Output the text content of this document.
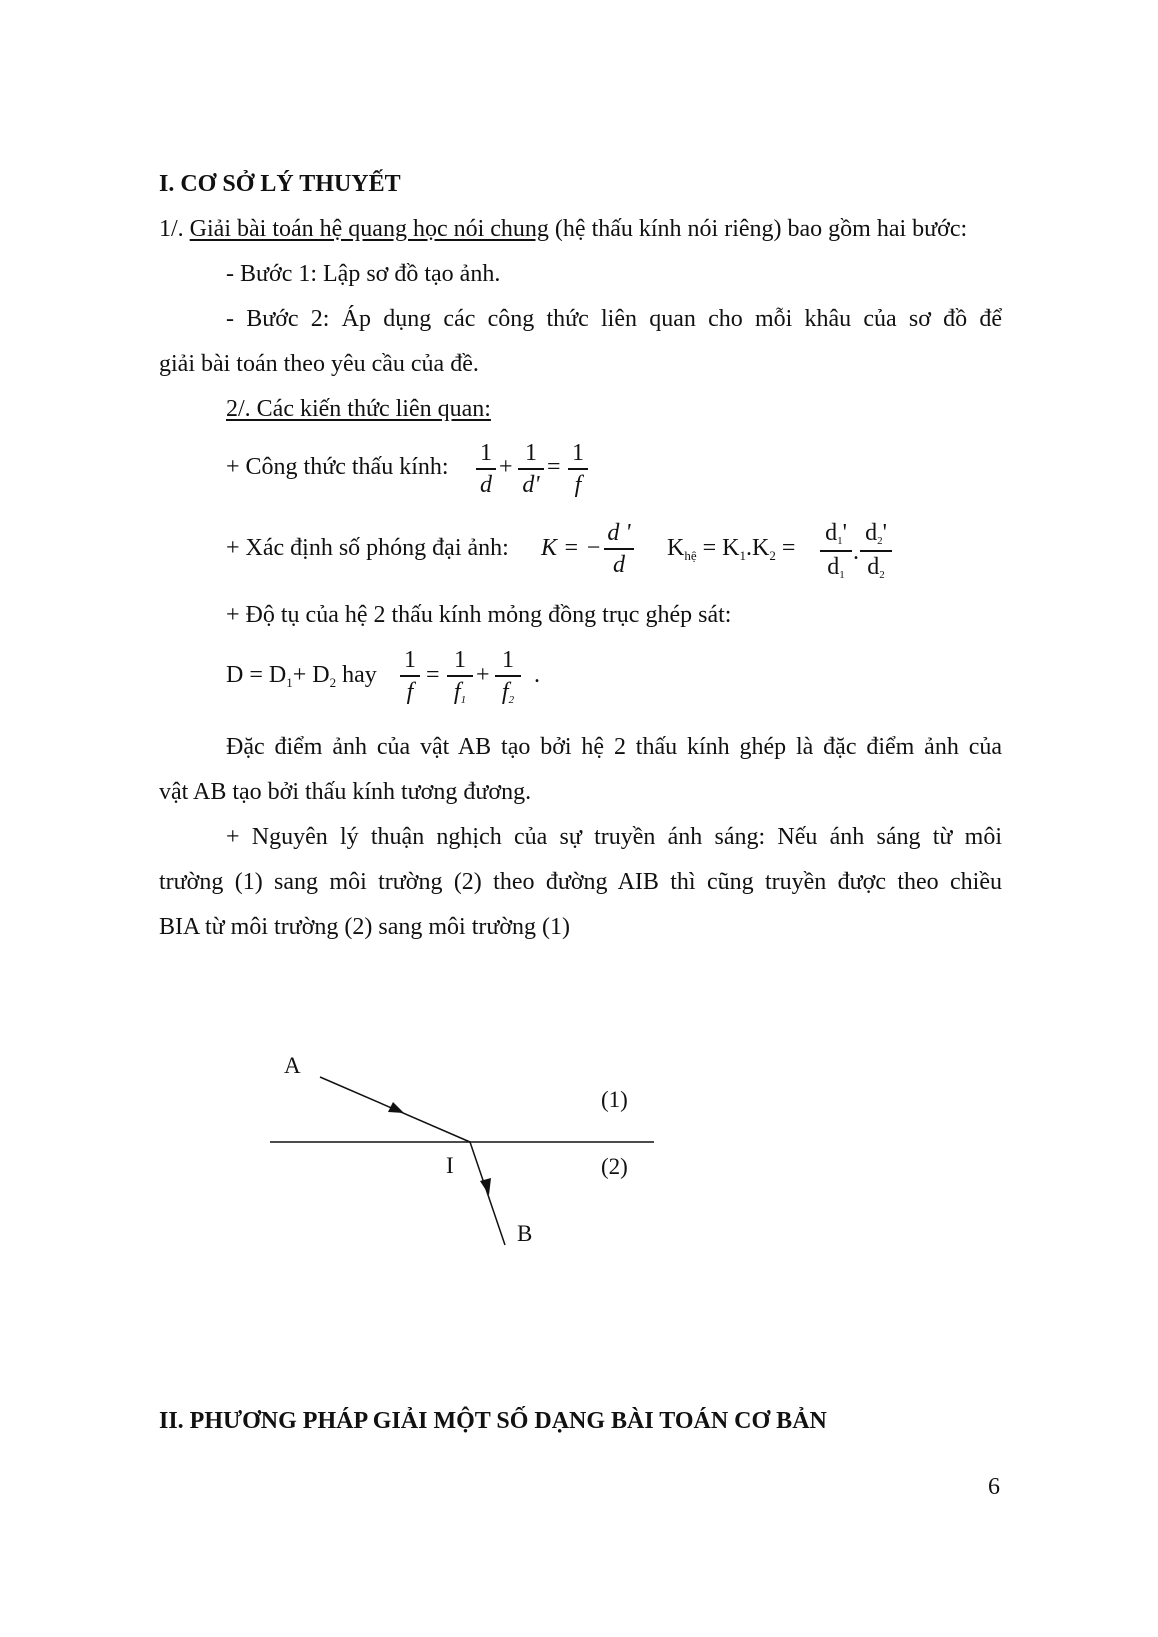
I. CƠ SỞ LÝ THUYẾT
1/. Giải bài toán hệ quang học nói chung (hệ thấu kính nói riêng) bao gồm hai bước:
- Bước 1: Lập sơ đồ tạo ảnh.
- Bước 2: Áp dụng các công thức liên quan cho mỗi khâu của sơ đồ để
giải bài toán theo yêu cầu của đề.
2/. Các kiến thức liên quan:
+ Công thức thấu kính:
1
d
+
1
d'
=
1
f
+ Xác định số phóng đại ảnh: K = −
d '
d
$K_{hệ} = K_1.K_2$ =
$d_1'$
$d_1$
.
$d_2'$
$d_2$
+ Độ tụ của hệ 2 thấu kính mỏng đồng trục ghép sát:
$D = D_1+ D_2$ hay
1
f
=
1
$f_1$
+
1
$f_2$
.
Đặc điểm ảnh của vật AB tạo bởi hệ 2 thấu kính ghép là đặc điểm ảnh của
vật AB tạo bởi thấu kính tương đương.
+ Nguyên lý thuận nghịch của sự truyền ánh sáng: Nếu ánh sáng từ môi
trường (1) sang môi trường (2) theo đường AIB thì cũng truyền được theo chiều
BIA từ môi trường (2) sang môi trường (1)
A
I
B
(1)
(2)
II. PHƯƠNG PHÁP GIẢI MỘT SỐ DẠNG BÀI TOÁN CƠ BẢN
6
